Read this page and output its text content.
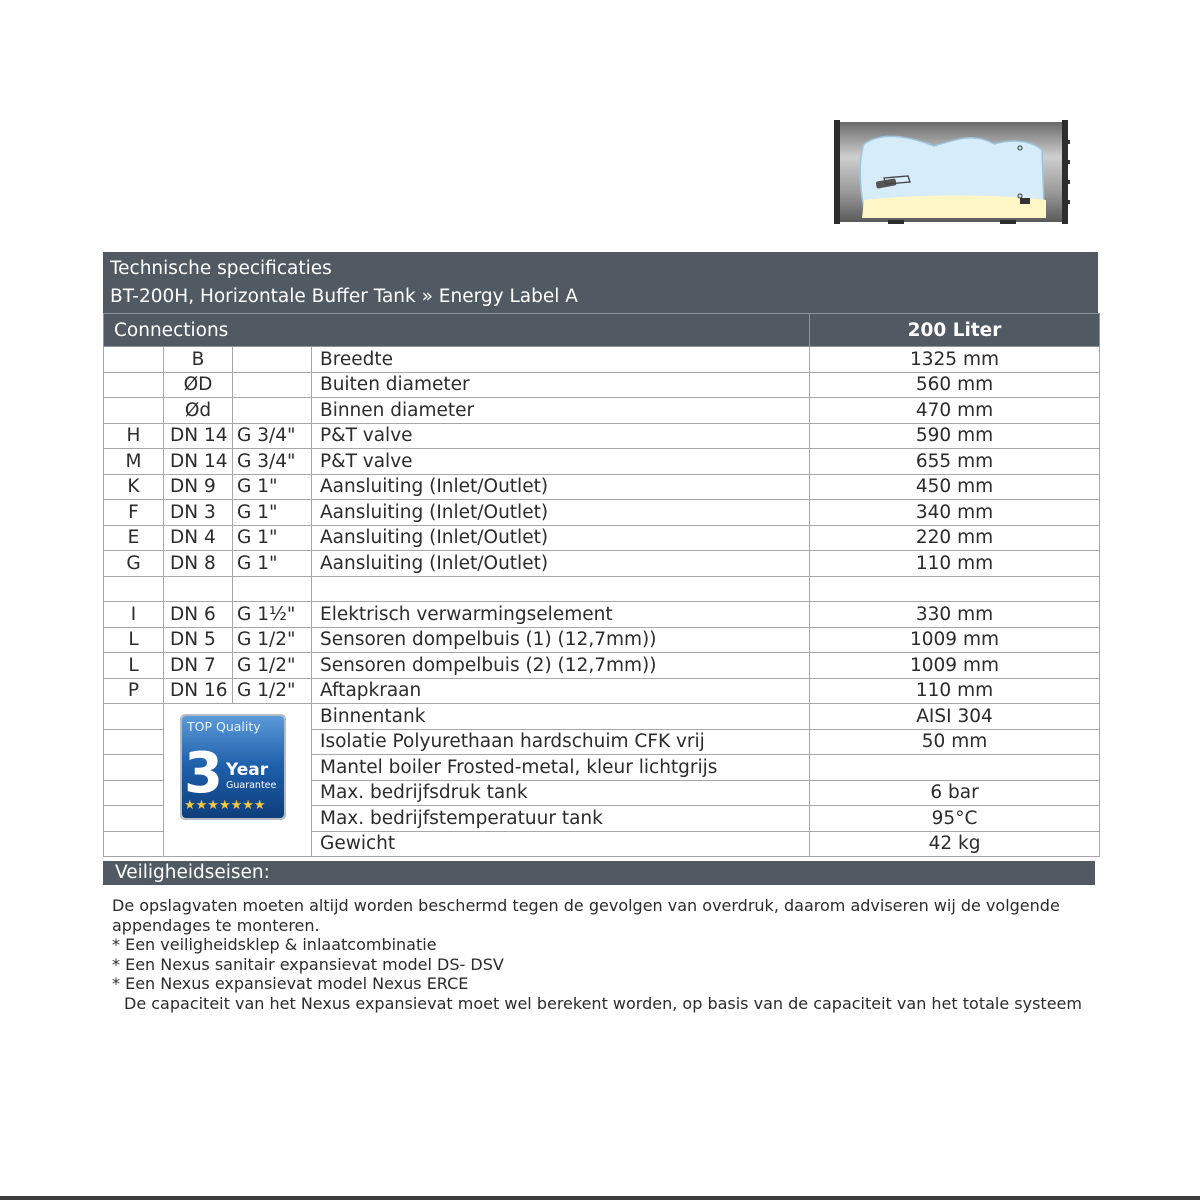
Technische specificaties
BT-200H, Horizontale Buffer Tank » Energy Label A
Connections				200 Liter
	B		Breedte	1325 mm
	ØD		Buiten diameter	560 mm
	Ød		Binnen diameter	470 mm
H	DN 14	G 3/4"	P&T valve	590 mm
M	DN 14	G 3/4"	P&T valve	655 mm
K	DN 9	G 1"	Aansluiting (Inlet/Outlet)	450 mm
F	DN 3	G 1"	Aansluiting (Inlet/Outlet)	340 mm
E	DN 4	G 1"	Aansluiting (Inlet/Outlet)	220 mm
G	DN 8	G 1"	Aansluiting (Inlet/Outlet)	110 mm

I	DN 6	G 1½"	Elektrisch verwarmingselement	330 mm
L	DN 5	G 1/2"	Sensoren dompelbuis (1) (12,7mm))	1009 mm
L	DN 7	G 1/2"	Sensoren dompelbuis (2) (12,7mm))	1009 mm
P	DN 16	G 1/2"	Aftapkraan	110 mm

TOP Quality
3 Year
Guarantee
★★★★★★★		Binnentank	AISI 304
			Isolatie Polyurethaan hardschuim CFK vrij	50 mm
			Mantel boiler Frosted-metal, kleur lichtgrijs	
			Max. bedrijfsdruk tank	6 bar
			Max. bedrijfstemperatuur tank	95°C
			Gewicht	42 kg
Veiligheidseisen:

De opslagvaten moeten altijd worden beschermd tegen de gevolgen van overdruk, daarom adviseren wij de volgende appendages te monteren.

* Een veiligheidsklep & inlaatcombinatie

* Een Nexus sanitair expansievat model DS- DSV

* Een Nexus expansievat model Nexus ERCE

De capaciteit van het Nexus expansievat moet wel berekent worden, op basis van de capaciteit van het totale systeem
